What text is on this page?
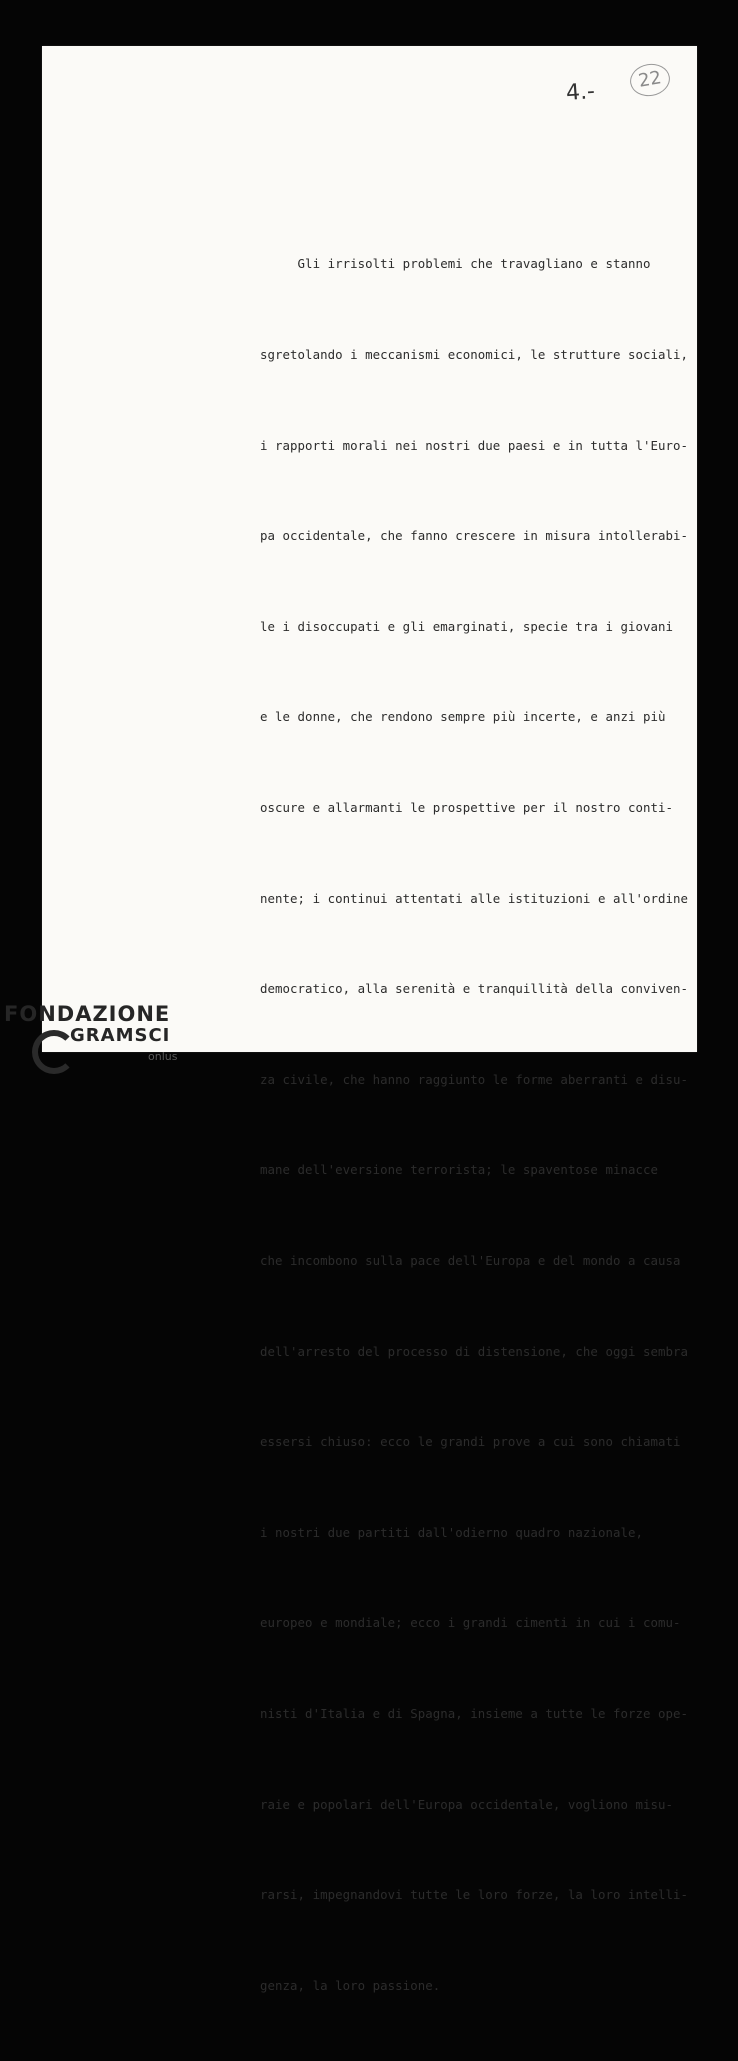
4.-	22

Gli irrisolti problemi che travagliano e stanno

sgretolando i meccanismi economici, le strutture sociali,

i rapporti morali nei nostri due paesi e in tutta l'Euro-

pa occidentale, che fanno crescere in misura intollerabi-

le i disoccupati e gli emarginati, specie tra i giovani

e le donne, che rendono sempre più incerte, e anzi più

oscure e allarmanti le prospettive per il nostro conti-

nente; i continui attentati alle istituzioni e all'ordine

democratico, alla serenità e tranquillità della conviven-

za civile, che hanno raggiunto le forme aberranti e disu-

mane dell'eversione terrorista; le spaventose minacce

che incombono sulla pace dell'Europa e del mondo a causa

dell'arresto del processo di distensione, che oggi sembra

essersi chiuso: ecco le grandi prove a cui sono chiamati

i nostri due partiti dall'odierno quadro nazionale,

europeo e mondiale; ecco i grandi cimenti in cui i comu-

nisti d'Italia e di Spagna, insieme a tutte le forze ope-

raie e popolari dell'Europa occidentale, vogliono misu-

rarsi, impegnandovi tutte le loro forze, la loro intelli-

genza, la loro passione.

FONDAZIONE
GRAMSCI
onlus
